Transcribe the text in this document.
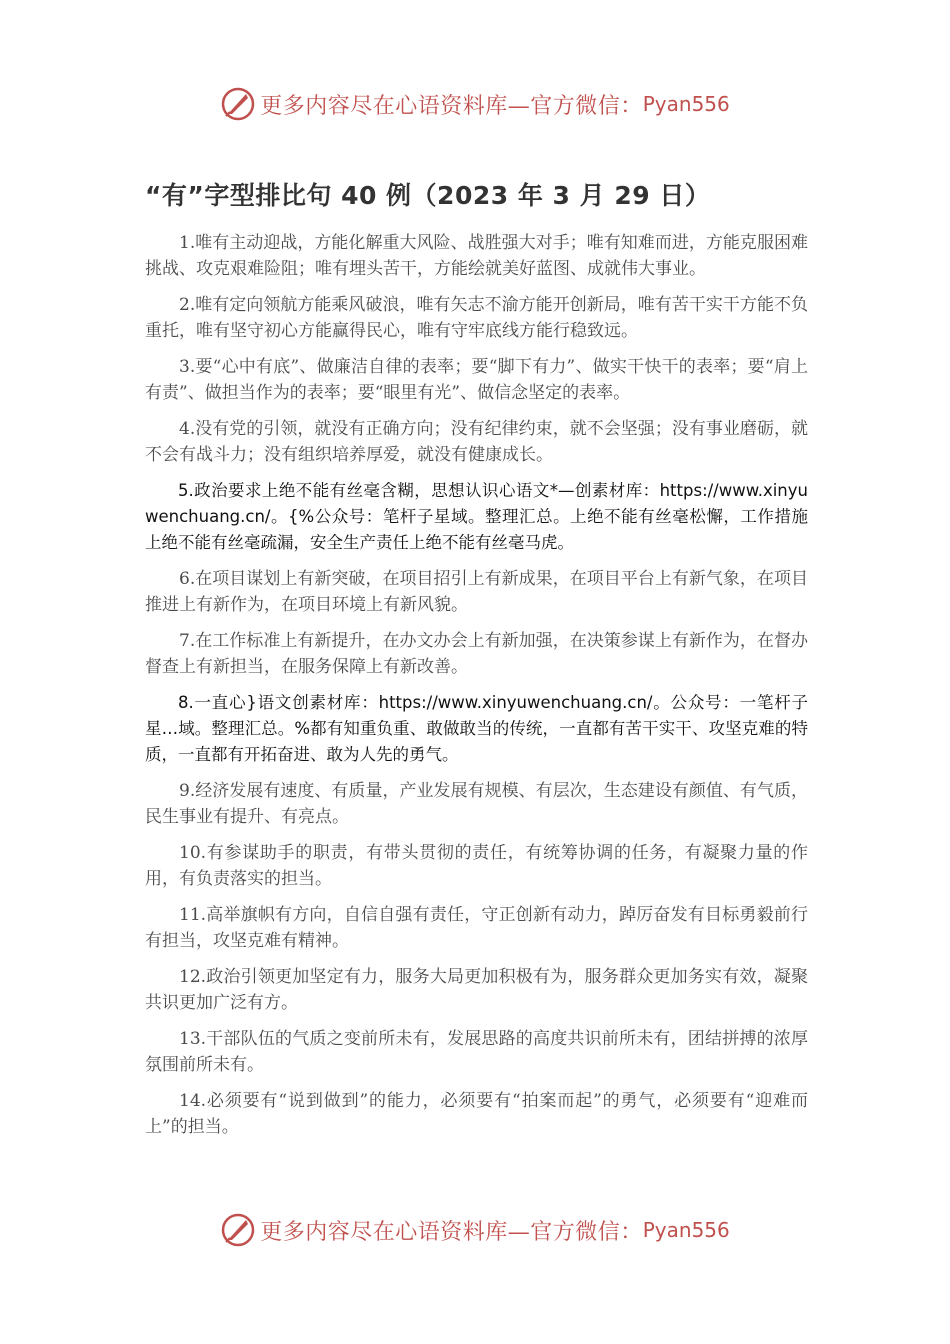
更多内容尽在心语资料库—官方微信： Pyan556
“有”字型排比句 40 例（2023 年 3 月 29 日）

1.唯有主动迎战，方能化解重大风险、战胜强大对手；唯有知难而进，方能克服困难挑战、攻克艰难险阻；唯有埋头苦干，方能绘就美好蓝图、成就伟大事业。

2.唯有定向领航方能乘风破浪，唯有矢志不渝方能开创新局，唯有苦干实干方能不负重托，唯有坚守初心方能赢得民心，唯有守牢底线方能行稳致远。

3.要“心中有底”、做廉洁自律的表率；要“脚下有力”、做实干快干的表率；要“肩上有责”、做担当作为的表率；要“眼里有光”、做信念坚定的表率。

4.没有党的引领，就没有正确方向；没有纪律约束，就不会坚强；没有事业磨砺，就不会有战斗力；没有组织培养厚爱，就没有健康成长。

5.政治要求上绝不能有丝毫含糊，思想认识心语文*—创素材库：https://www.xinyuwenchuang.cn/。{%公众号：笔杆子星域。整理汇总。上绝不能有丝毫松懈，工作措施上绝不能有丝毫疏漏，安全生产责任上绝不能有丝毫马虎。

6.在项目谋划上有新突破，在项目招引上有新成果，在项目平台上有新气象，在项目推进上有新作为，在项目环境上有新风貌。

7.在工作标准上有新提升，在办文办会上有新加强，在决策参谋上有新作为，在督办督查上有新担当，在服务保障上有新改善。

8.一直心}语文创素材库：https://www.xinyuwenchuang.cn/。公众号：一笔杆子星…域。整理汇总。%都有知重负重、敢做敢当的传统，一直都有苦干实干、攻坚克难的特质，一直都有开拓奋进、敢为人先的勇气。

9.经济发展有速度、有质量，产业发展有规模、有层次，生态建设有颜值、有气质，民生事业有提升、有亮点。

10.有参谋助手的职责，有带头贯彻的责任，有统筹协调的任务，有凝聚力量的作用，有负责落实的担当。

11.高举旗帜有方向，自信自强有责任，守正创新有动力，踔厉奋发有目标勇毅前行有担当，攻坚克难有精神。

12.政治引领更加坚定有力，服务大局更加积极有为，服务群众更加务实有效，凝聚共识更加广泛有方。

13.干部队伍的气质之变前所未有，发展思路的高度共识前所未有，团结拼搏的浓厚氛围前所未有。

14.必须要有“说到做到”的能力，必须要有“拍案而起”的勇气，必须要有“迎难而上”的担当。

更多内容尽在心语资料库—官方微信： Pyan556
